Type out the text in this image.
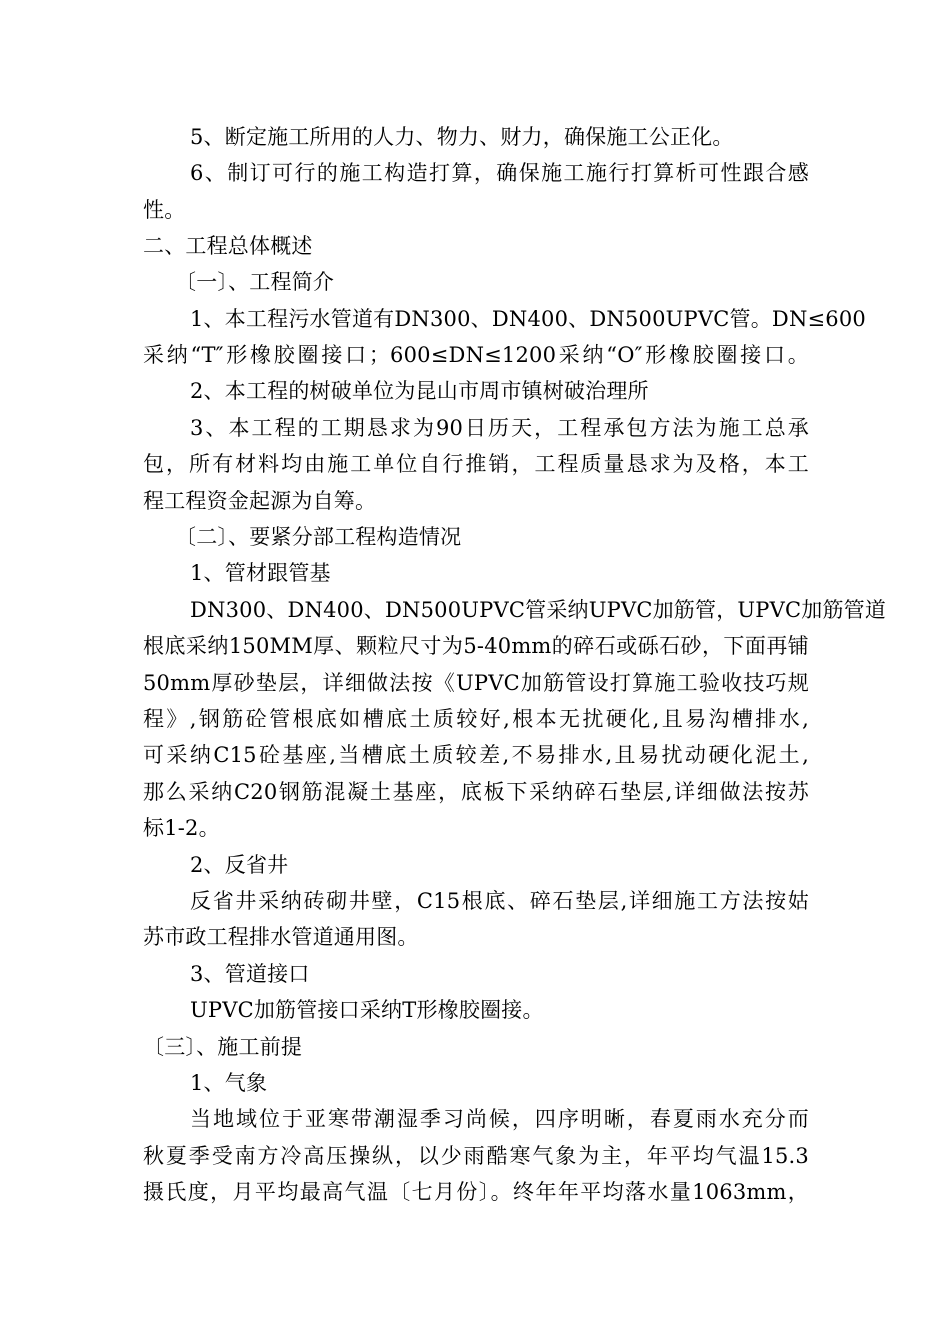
5、断定施工所用的人力、物力、财力，确保施工公正化。
6、制订可行的施工构造打算，确保施工施行打算析可性跟合感
性。
二、工程总体概述
〔一〕、工程简介
1、本工程污水管道有DN300、DN400、DN500UPVC管。DN≤600
采纳“T″形橡胶圈接口；600≤DN≤1200采纳“O″形橡胶圈接口。
2、本工程的树破单位为昆山市周市镇树破治理所
3、本工程的工期恳求为90日历天，工程承包方法为施工总承
包，所有材料均由施工单位自行推销，工程质量恳求为及格，本工
程工程资金起源为自筹。
〔二〕、要紧分部工程构造情况
1、管材跟管基
DN300、DN400、DN500UPVC管采纳UPVC加筋管，UPVC加筋管道
根底采纳150MM厚、颗粒尺寸为5-40mm的碎石或砾石砂，下面再铺
50mm厚砂垫层，详细做法按《UPVC加筋管设打算施工验收技巧规
程》,钢筋砼管根底如槽底土质较好,根本无扰硬化,且易沟槽排水,
可采纳C15砼基座,当槽底土质较差,不易排水,且易扰动硬化泥土,
那么采纳C20钢筋混凝土基座，底板下采纳碎石垫层,详细做法按苏
标1-2。
2、反省井
反省井采纳砖砌井壁，C15根底、碎石垫层,详细施工方法按姑
苏市政工程排水管道通用图。
3、管道接口
UPVC加筋管接口采纳T形橡胶圈接。
〔三〕、施工前提
1、气象
当地域位于亚寒带潮湿季习尚候，四序明晰，春夏雨水充分而
秋夏季受南方冷高压操纵，以少雨酷寒气象为主，年平均气温15.3
摄氏度，月平均最高气温〔七月份〕。终年年平均落水量1063mm，
